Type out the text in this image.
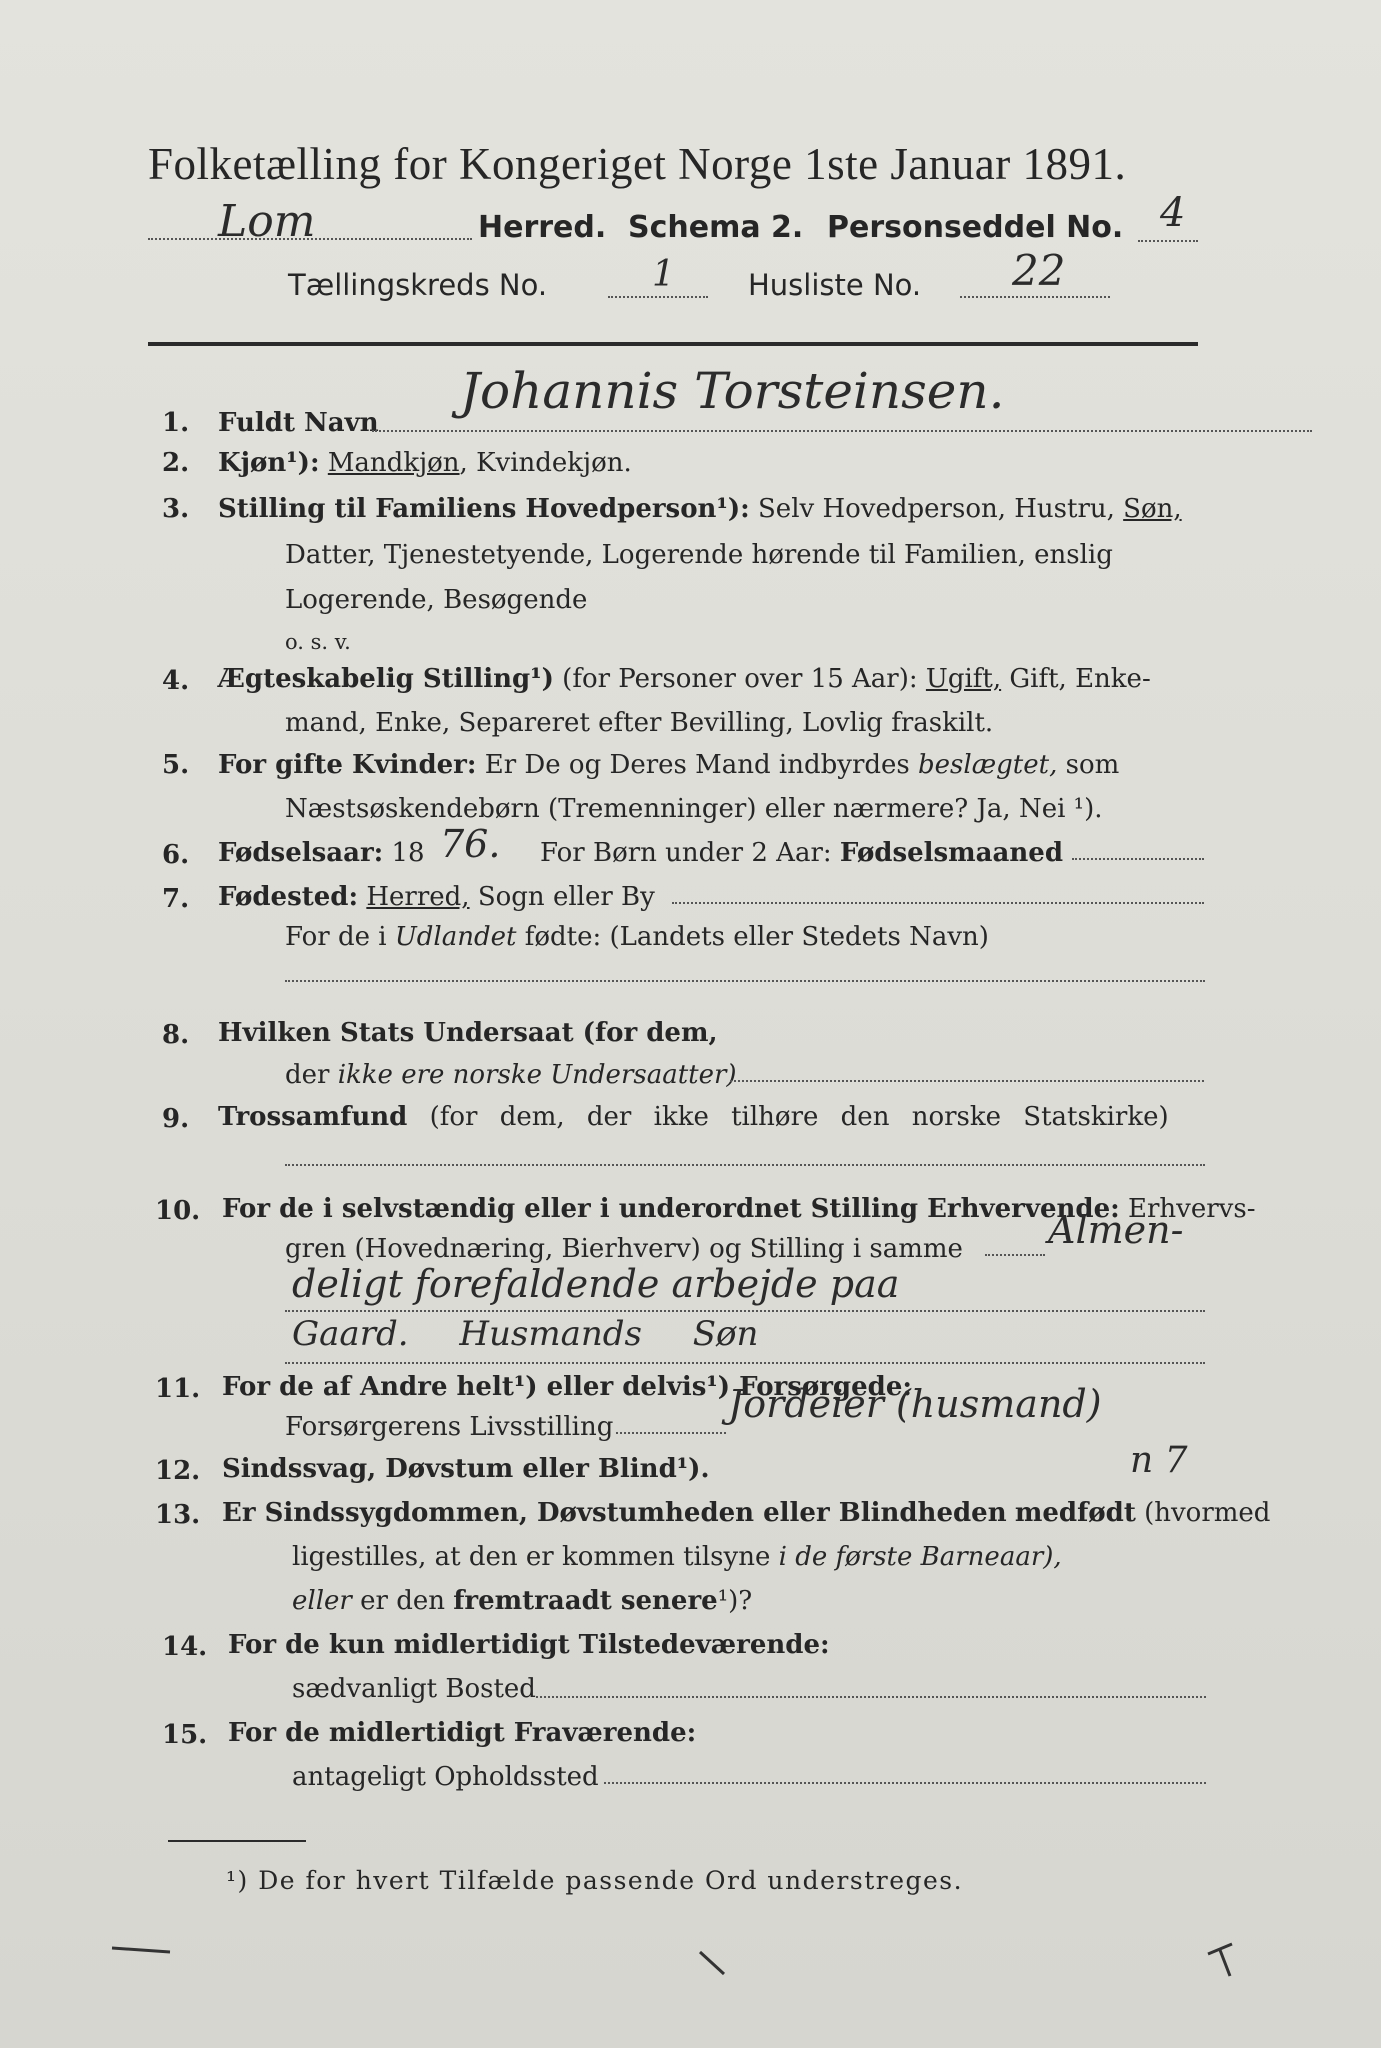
Folketælling for Kongeriget Norge 1ste Januar 1891.
Lom	Herred. Schema 2. Personseddel No. 4
Tællingskreds No.	1	Husliste No. 22
1. Fuldt Navn
Johannis Torsteinsen.
2. Kjøn¹): Mandkjøn, Kvindekjøn.
3. Stilling til Familiens Hovedperson¹): Selv Hovedperson, Hustru, Søn,
Datter, Tjenestetyende, Logerende hørende til Familien, enslig
Logerende, Besøgende
o. s. v.
4. Ægteskabelig Stilling¹) (for Personer over 15 Aar): Ugift, Gift, Enke-
mand, Enke, Separeret efter Bevilling, Lovlig fraskilt.
5. For gifte Kvinder: Er De og Deres Mand indbyrdes beslægtet, som
Næstsøskendebørn (Tremenninger) eller nærmere? Ja, Nei ¹).
6. Fødselsaar: 18 76. For Børn under 2 Aar: Fødselsmaaned
7. Fødested: Herred, Sogn eller By
For de i Udlandet fødte: (Landets eller Stedets Navn)
8. Hvilken Stats Undersaat (for dem,
der ikke ere norske Undersaatter)
9. Trossamfund (for dem, der ikke tilhøre den norske Statskirke)
10. For de i selvstændig eller i underordnet Stilling Erhvervende: Erhvervs-
gren (Hovednæring, Bierhverv) og Stilling i samme Almen-
deligt forefaldende arbejde paa
Gaard. Husmands Søn
11. For de af Andre helt¹) eller delvis¹) Forsørgede:
Forsørgerens Livsstilling
Jordeier (husmand)
12. Sindssvag, Døvstum eller Blind¹).	n 7
13. Er Sindssygdommen, Døvstumheden eller Blindheden medfødt (hvormed
ligestilles, at den er kommen tilsyne i de første Barneaar),
eller er den fremtraadt senere¹)?
14. For de kun midlertidigt Tilstedeværende:
sædvanligt Bosted
15. For de midlertidigt Fraværende:
antageligt Opholdssted
¹) De for hvert Tilfælde passende Ord understreges.
